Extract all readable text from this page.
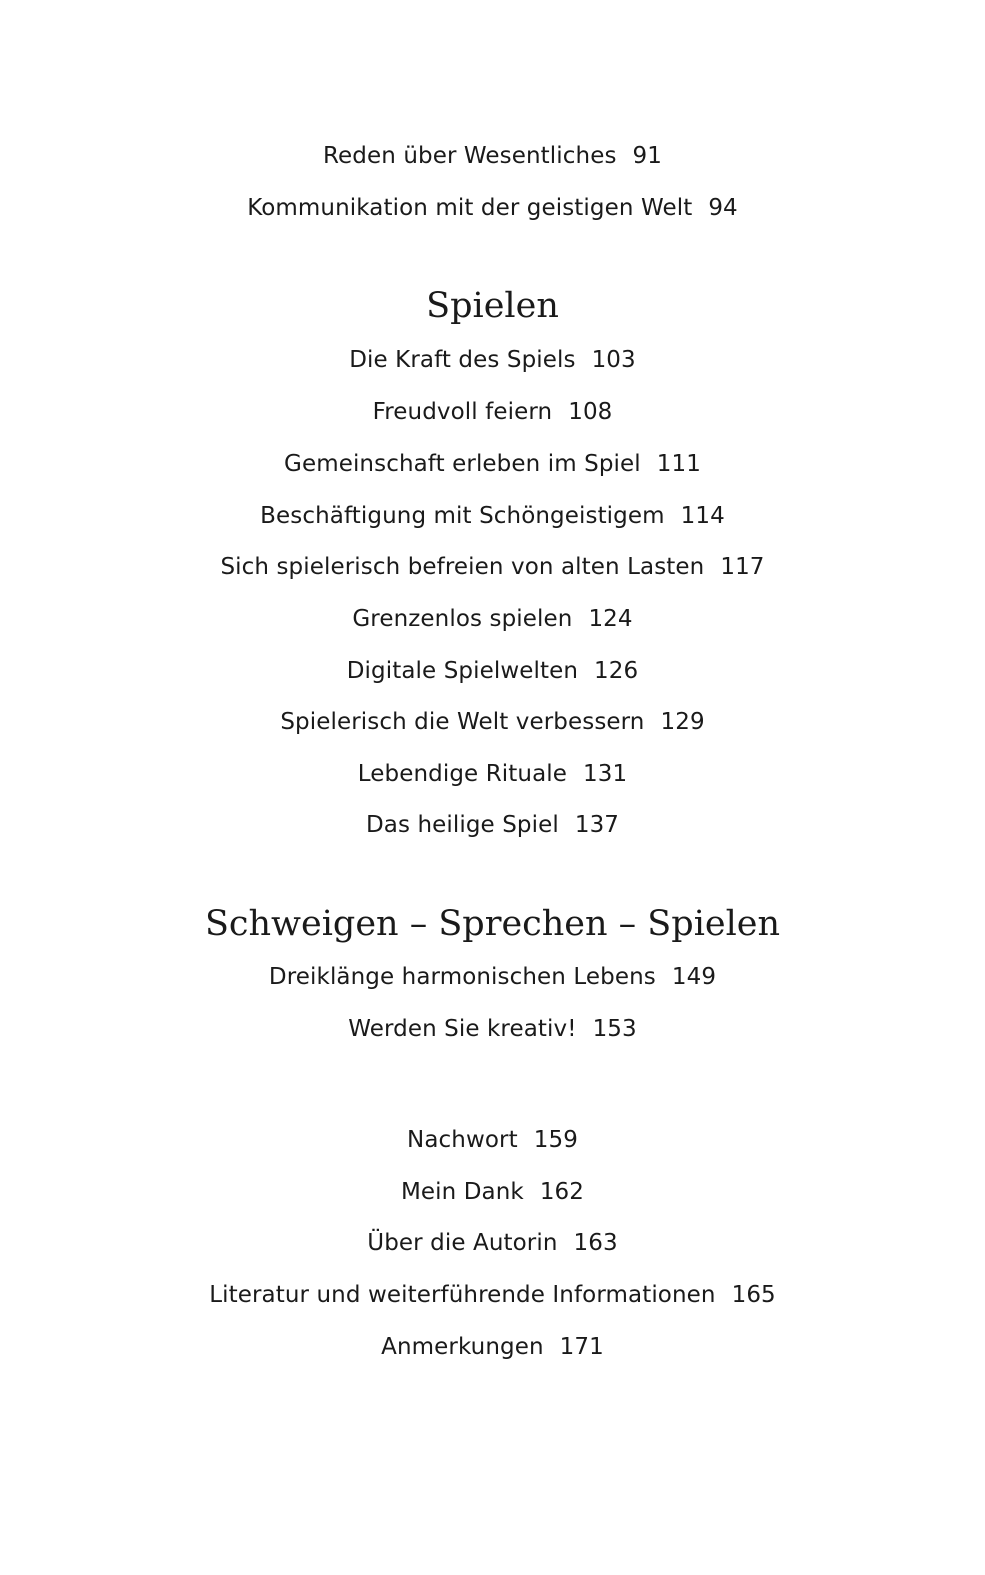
Reden über Wesentliches 91
Kommunikation mit der geistigen Welt 94
Spielen
Die Kraft des Spiels 103
Freudvoll feiern 108
Gemeinschaft erleben im Spiel 111
Beschäftigung mit Schöngeistigem 114
Sich spielerisch befreien von alten Lasten 117
Grenzenlos spielen 124
Digitale Spielwelten 126
Spielerisch die Welt verbessern 129
Lebendige Rituale 131
Das heilige Spiel 137
Schweigen – Sprechen – Spielen
Dreiklänge harmonischen Lebens 149
Werden Sie kreativ! 153
Nachwort 159
Mein Dank 162
Über die Autorin 163
Literatur und weiterführende Informationen 165
Anmerkungen 171
